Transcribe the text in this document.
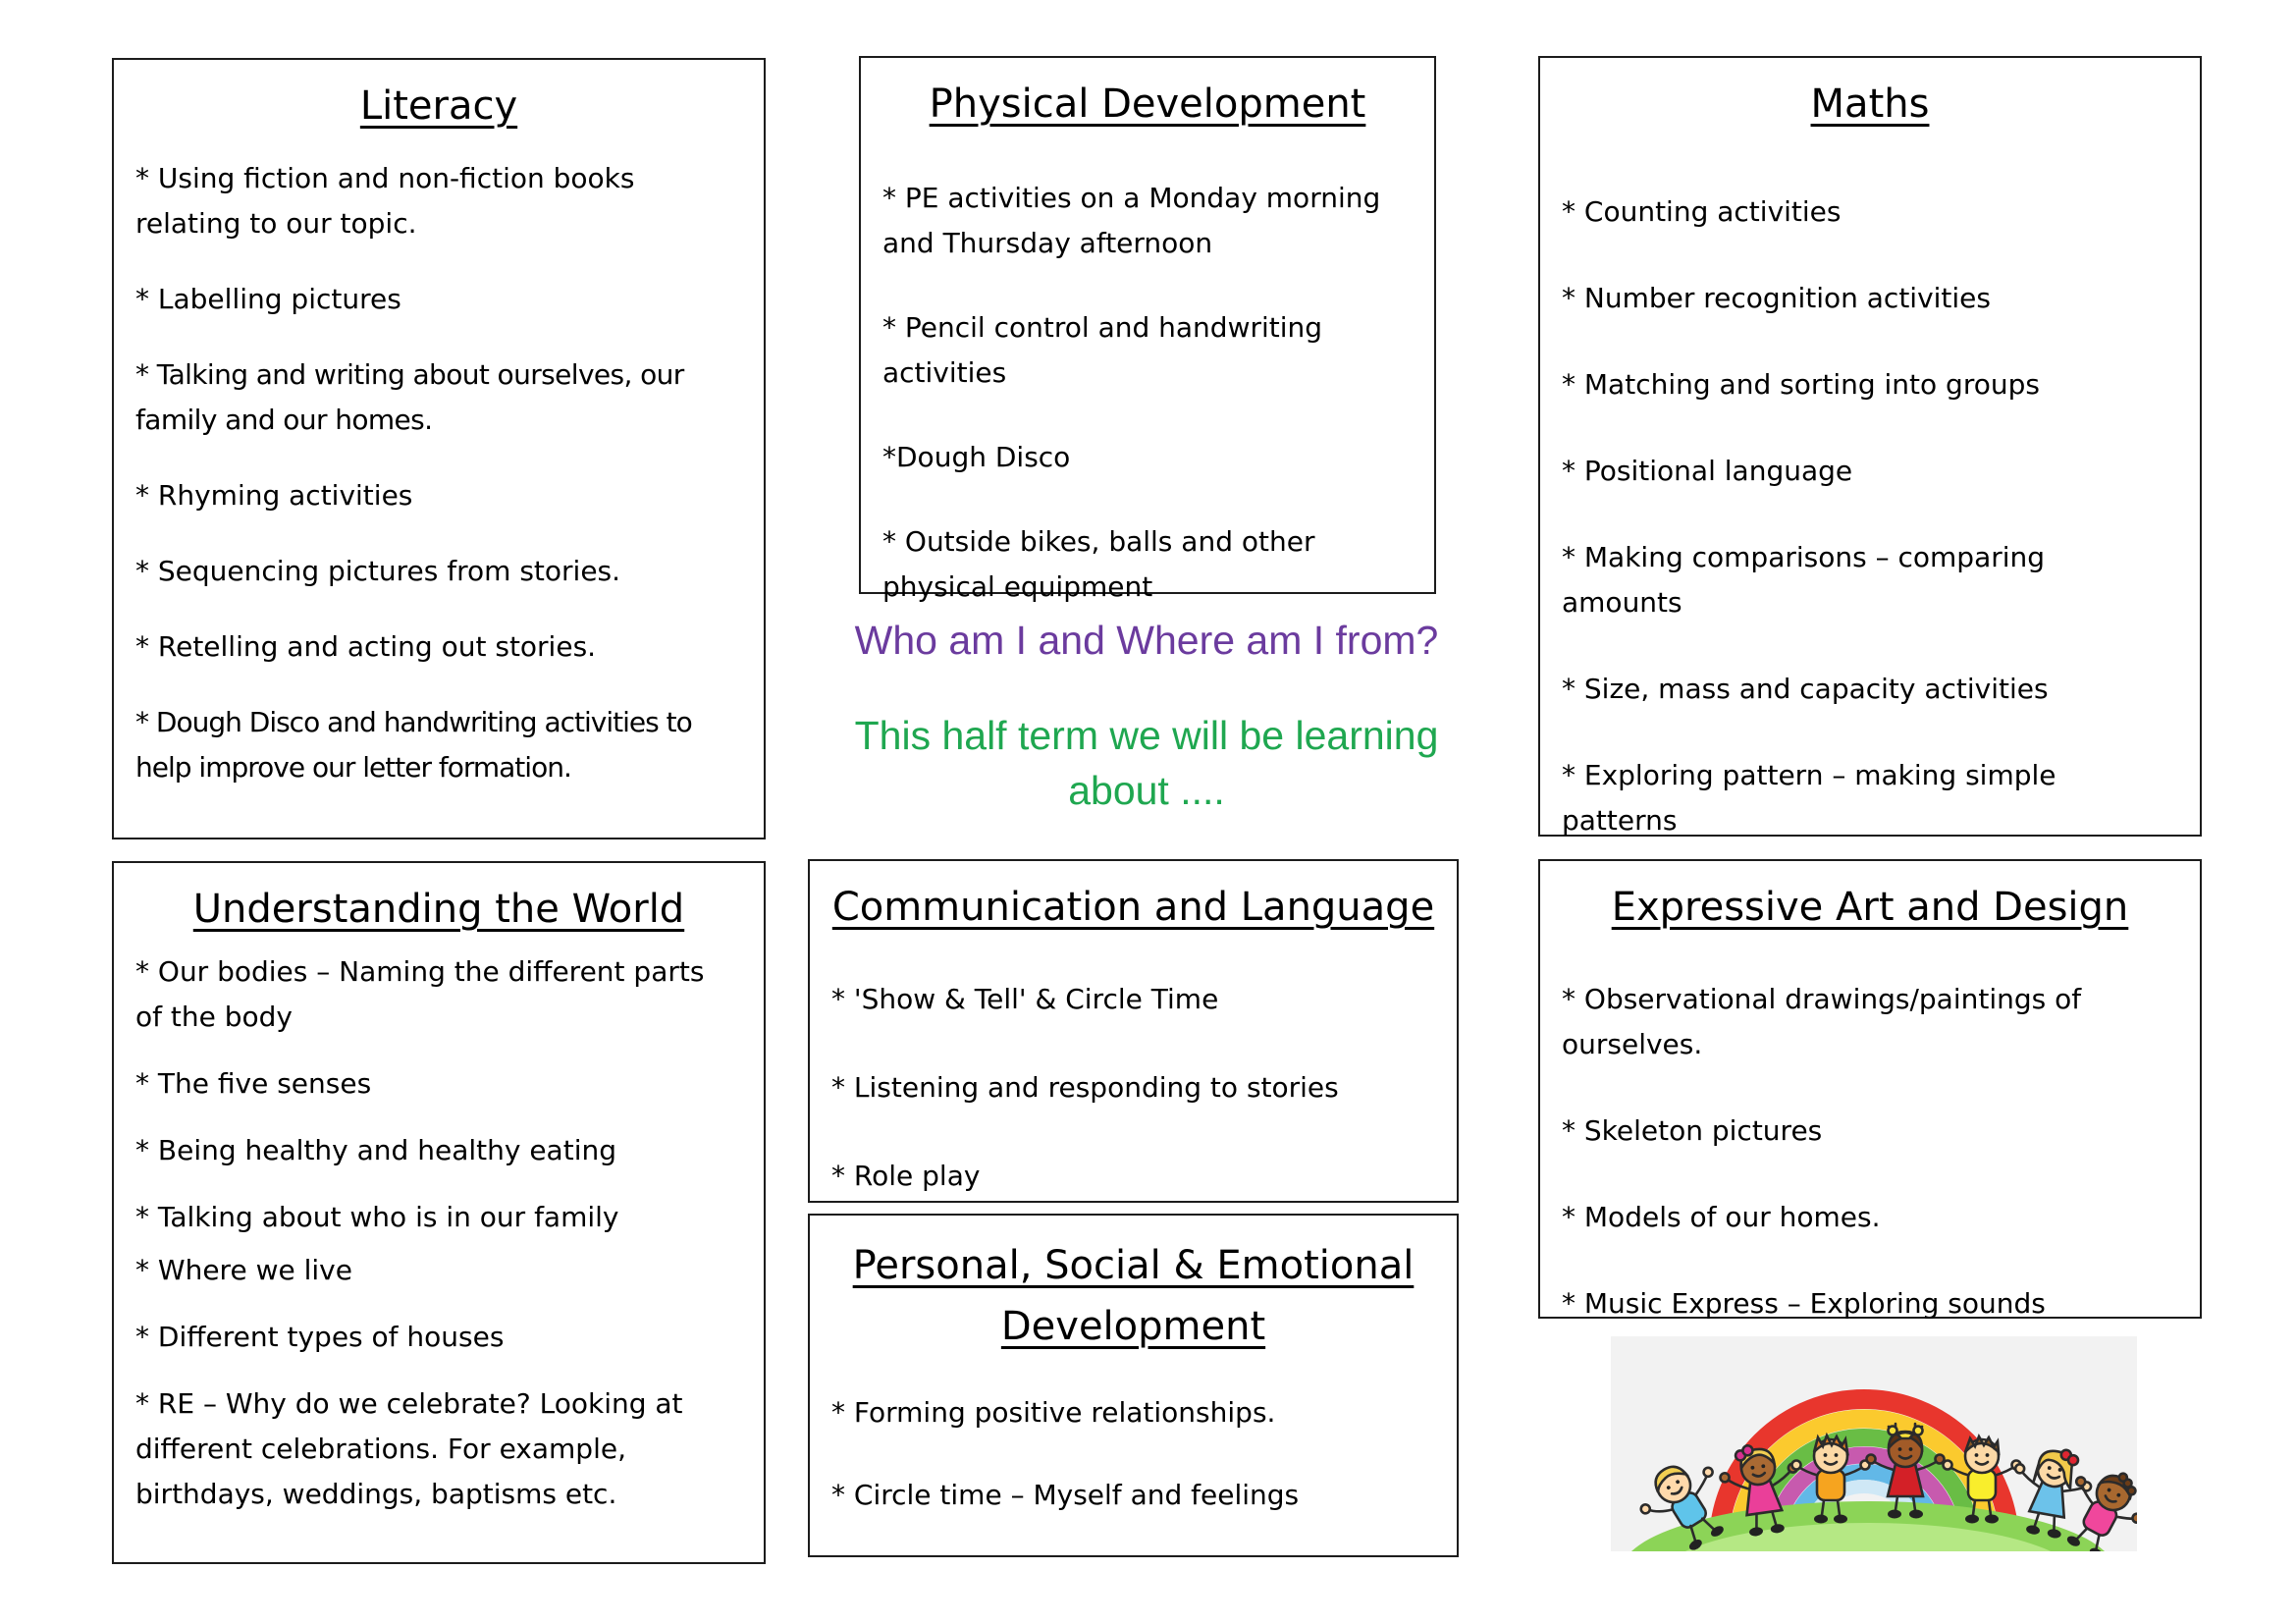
Literacy

* Using fiction and non-fiction books relating to our topic.

* Labelling pictures

* Talking and writing about ourselves, our family and our homes.

* Rhyming activities

* Sequencing pictures from stories.

* Retelling and acting out stories.

* Dough Disco and handwriting activities to help improve our letter formation.

Physical Development

* PE activities on a Monday morning and Thursday afternoon

* Pencil control and handwriting activities

*Dough Disco

* Outside bikes, balls and other physical equipment

Maths

* Counting activities

* Number recognition activities

* Matching and sorting into groups

* Positional language

* Making comparisons – comparing amounts

* Size, mass and capacity activities

* Exploring pattern – making simple patterns

Who am I and Where am I from?

This half term we will be learning
about ....

Understanding the World

* Our bodies – Naming the different parts of the body

* The five senses

* Being healthy and healthy eating

* Talking about who is in our family

* Where we live

* Different types of houses

* RE – Why do we celebrate? Looking at different celebrations. For example, birthdays, weddings, baptisms etc.

Communication and Language

* 'Show & Tell' & Circle Time

* Listening and responding to stories

* Role play

Personal, Social & Emotional Development

* Forming positive relationships.

* Circle time – Myself and feelings

Expressive Art and Design

* Observational drawings/paintings of ourselves.

* Skeleton pictures

* Models of our homes.

* Music Express – Exploring sounds
